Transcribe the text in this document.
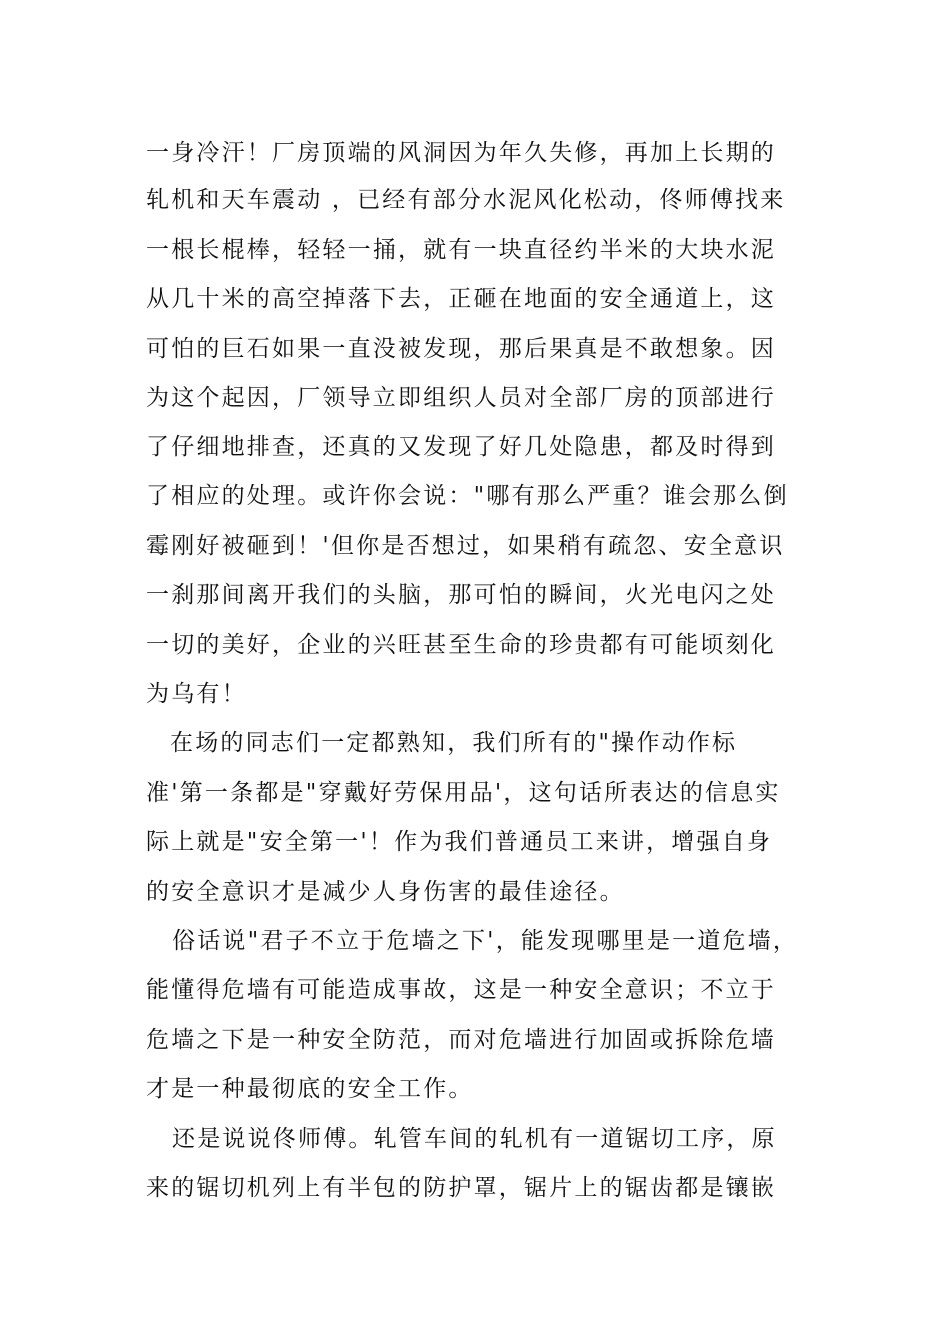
一身冷汗！厂房顶端的风洞因为年久失修，再加上长期的
轧机和天车震动 ，已经有部分水泥风化松动，佟师傅找来
一根长棍棒，轻轻一捅，就有一块直径约半米的大块水泥
从几十米的高空掉落下去，正砸在地面的安全通道上，这
可怕的巨石如果一直没被发现，那后果真是不敢想象。因
为这个起因，厂领导立即组织人员对全部厂房的顶部进行
了仔细地排查，还真的又发现了好几处隐患，都及时得到
了相应的处理。或许你会说："哪有那么严重？谁会那么倒
霉刚好被砸到！'但你是否想过，如果稍有疏忽、安全意识
一刹那间离开我们的头脑，那可怕的瞬间，火光电闪之处
一切的美好，企业的兴旺甚至生命的珍贵都有可能顷刻化
为乌有！
在场的同志们一定都熟知，我们所有的"操作动作标
准'第一条都是"穿戴好劳保用品'，这句话所表达的信息实
际上就是"安全第一'！作为我们普通员工来讲，增强自身
的安全意识才是减少人身伤害的最佳途径。
俗话说"君子不立于危墙之下'，能发现哪里是一道危墙，
能懂得危墙有可能造成事故，这是一种安全意识；不立于
危墙之下是一种安全防范，而对危墙进行加固或拆除危墙
才是一种最彻底的安全工作。
还是说说佟师傅。轧管车间的轧机有一道锯切工序，原
来的锯切机列上有半包的防护罩，锯片上的锯齿都是镶嵌
